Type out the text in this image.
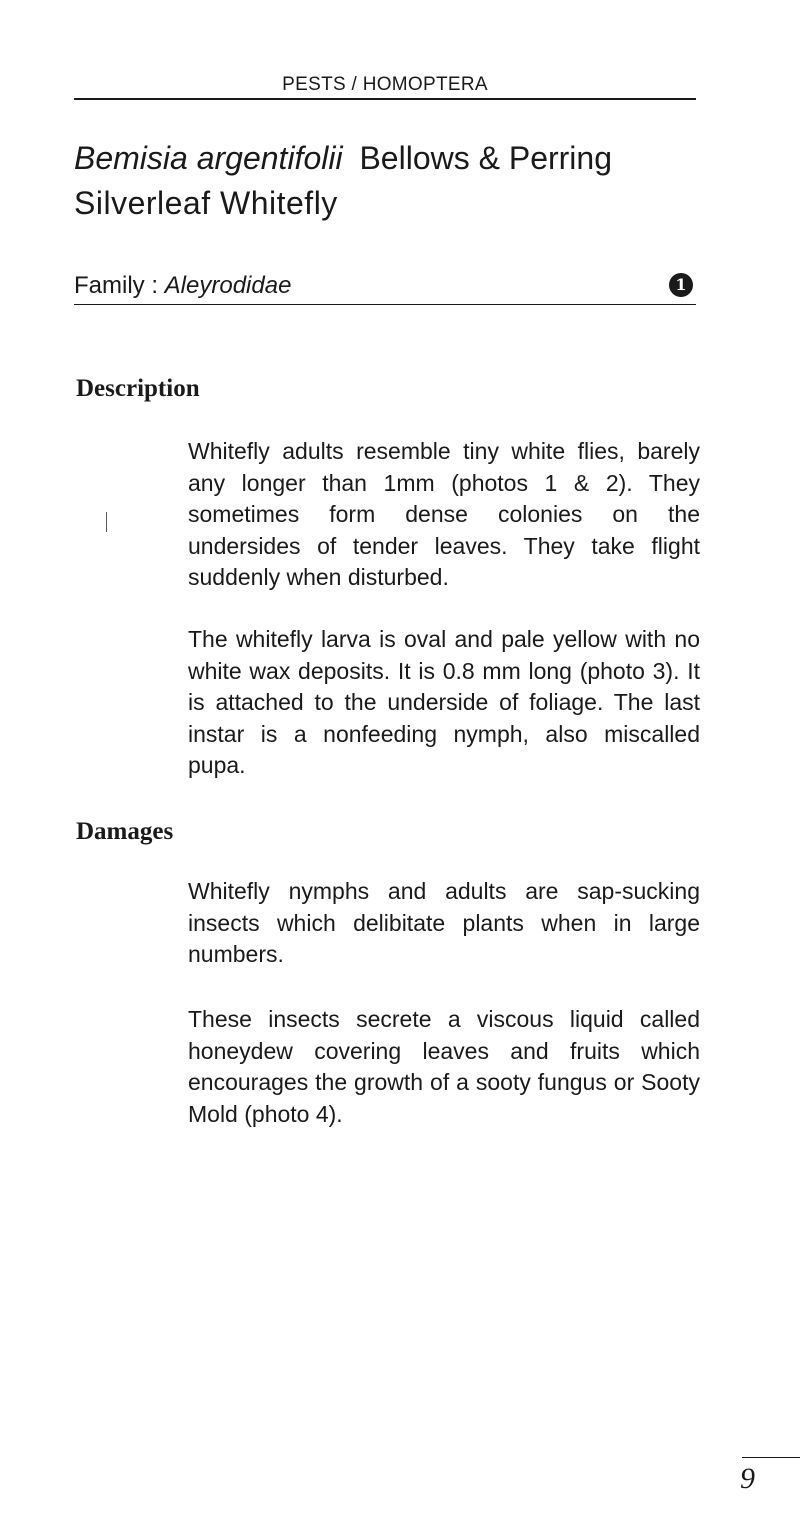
PESTS / HOMOPTERA
Bemisia argentifolii Bellows & Perring
Silverleaf Whitefly
Family : Aleyrodidae	1
Description
Whitefly adults resemble tiny white flies, barely any longer than 1mm (photos 1 & 2). They sometimes form dense colonies on the undersides of tender leaves. They take flight suddenly when disturbed.
The whitefly larva is oval and pale yellow with no white wax deposits. It is 0.8 mm long (photo 3). It is attached to the underside of foliage. The last instar is a nonfeeding nymph, also miscalled pupa.
Damages
Whitefly nymphs and adults are sap-sucking insects which delibitate plants when in large numbers.
These insects secrete a viscous liquid called honeydew covering leaves and fruits which encourages the growth of a sooty fungus or Sooty Mold (photo 4).
9
